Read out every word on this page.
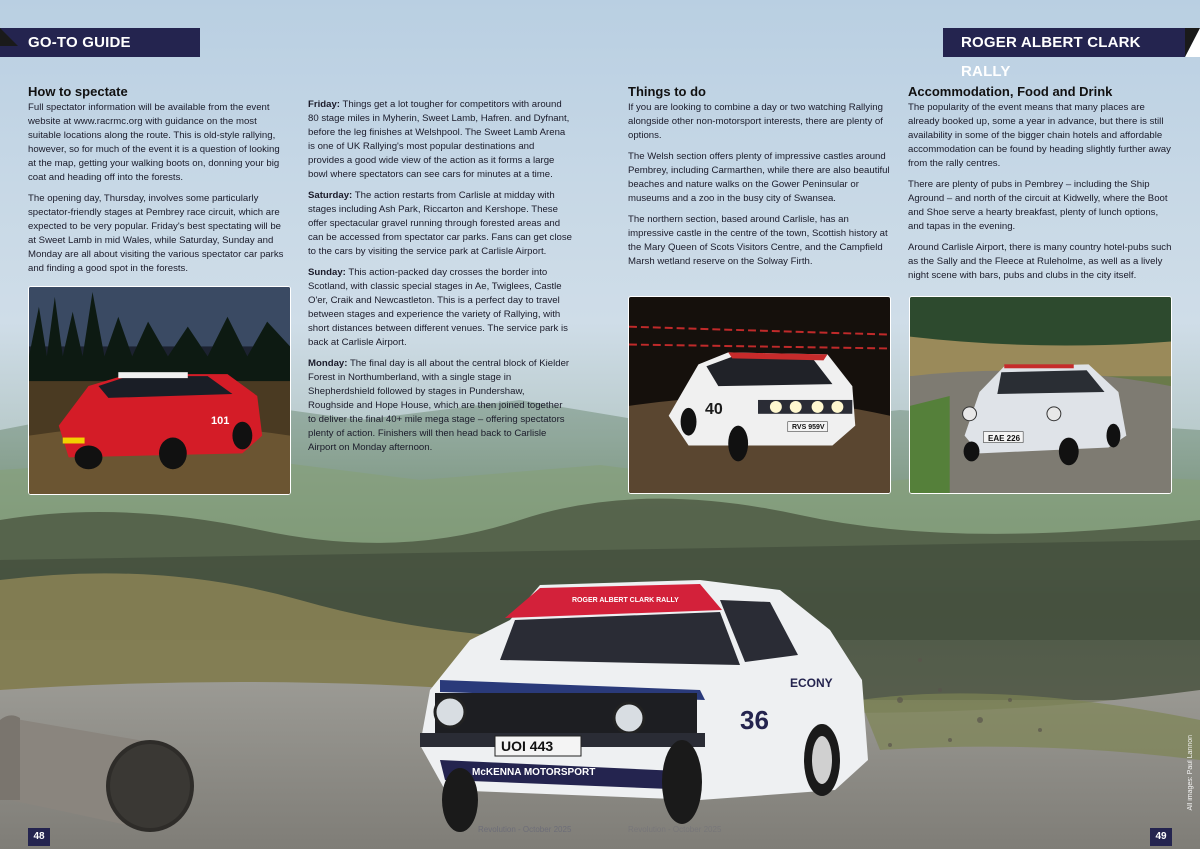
ROGER ALBERT CLARK RALLY
UOI 443
McKENNA MOTORSPORT
ECONY
36
GO-TO GUIDE	ROGER ALBERT CLARK RALLY
How to spectate

Full spectator information will be available from the event website at www.racrmc.org with guidance on the most suitable locations along the route. This is old-style rallying, however, so for much of the event it is a question of looking at the map, getting your walking boots on, donning your big coat and heading off into the forests.

The opening day, Thursday, involves some particularly spectator-friendly stages at Pembrey race circuit, which are expected to be very popular. Friday's best spectating will be at Sweet Lamb in mid Wales, while Saturday, Sunday and Monday are all about visiting the various spectator car parks and finding a good spot in the forests.

Friday: Things get a lot tougher for competitors with around 80 stage miles in Myherin, Sweet Lamb, Hafren. and Dyfnant, before the leg finishes at Welshpool. The Sweet Lamb Arena is one of UK Rallying's most popular destinations and provides a good wide view of the action as it forms a large bowl where spectators can see cars for minutes at a time.

Saturday: The action restarts from Carlisle at midday with stages including Ash Park, Riccarton and Kershope. These offer spectacular gravel running through forested areas and can be accessed from spectator car parks. Fans can get close to the cars by visiting the service park at Carlisle Airport.

Sunday: This action-packed day crosses the border into Scotland, with classic special stages in Ae, Twiglees, Castle O'er, Craik and Newcastleton. This is a perfect day to travel between stages and experience the variety of Rallying, with short distances between different venues. The service park is back at Carlisle Airport.

Monday: The final day is all about the central block of Kielder Forest in Northumberland, with a single stage in Shepherdshield followed by stages in Pundershaw, Roughside and Hope House, which are then joined together to deliver the final 40+ mile mega stage – offering spectators plenty of action. Finishers will then head back to Carlisle Airport on Monday afternoon.

Things to do

If you are looking to combine a day or two watching Rallying alongside other non-motorsport interests, there are plenty of options.

The Welsh section offers plenty of impressive castles around Pembrey, including Carmarthen, while there are also beautiful beaches and nature walks on the Gower Peninsular or museums and a zoo in the busy city of Swansea.

The northern section, based around Carlisle, has an impressive castle in the centre of the town, Scottish history at the Mary Queen of Scots Visitors Centre, and the Campfield Marsh wetland reserve on the Solway Firth.

Accommodation, Food and Drink

The popularity of the event means that many places are already booked up, some a year in advance, but there is still availability in some of the bigger chain hotels and affordable accommodation can be found by heading slightly further away from the rally centres.

There are plenty of pubs in Pembrey – including the Ship Aground – and north of the circuit at Kidwelly, where the Boot and Shoe serve a hearty breakfast, plenty of lunch options, and tapas in the evening.

Around Carlisle Airport, there is many country hotel-pubs such as the Sally and the Fleece at Ruleholme, as well as a lively night scene with bars, pubs and clubs in the city itself.

101
OPEL
40
RVS 959V
EAE 226
48	49
Revolution - October 2025	Revolution - October 2025
All images: Paul Lannon
